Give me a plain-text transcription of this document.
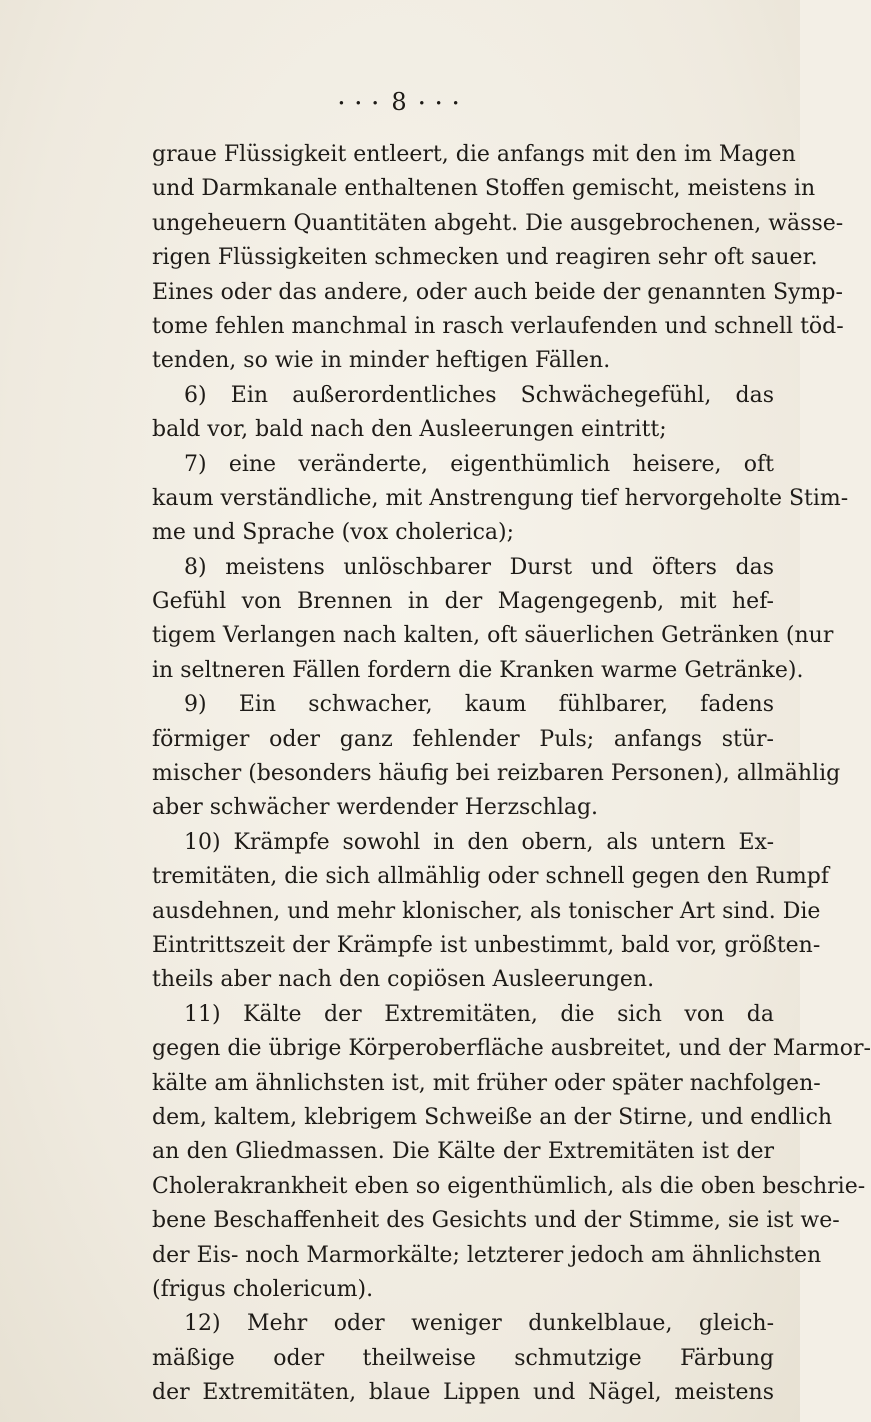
• • • 8 • • •
graue Flüssigkeit entleert, die anfangs mit den im Magen
und Darmkanale enthaltenen Stoffen gemischt, meistens in
ungeheuern Quantitäten abgeht. Die ausgebrochenen, wässe-
rigen Flüssigkeiten schmecken und reagiren sehr oft sauer.
Eines oder das andere, oder auch beide der genannten Symp-
tome fehlen manchmal in rasch verlaufenden und schnell töd-
tenden, so wie in minder heftigen Fällen.
6) Ein außerordentliches Schwächegefühl, das
bald vor, bald nach den Ausleerungen eintritt;
7) eine veränderte, eigenthümlich heisere, oft
kaum verständliche, mit Anstrengung tief hervorgeholte Stim-
me und Sprache (vox cholerica);
8) meistens unlöschbarer Durst und öfters das
Gefühl von Brennen in der Magengegenb, mit hef-
tigem Verlangen nach kalten, oft säuerlichen Getränken (nur
in seltneren Fällen fordern die Kranken warme Getränke).
9) Ein schwacher, kaum fühlbarer, fadens
förmiger oder ganz fehlender Puls; anfangs stür-
mischer (besonders häufig bei reizbaren Personen), allmählig
aber schwächer werdender Herzschlag.
10) Krämpfe sowohl in den obern, als untern Ex-
tremitäten, die sich allmählig oder schnell gegen den Rumpf
ausdehnen, und mehr klonischer, als tonischer Art sind. Die
Eintrittszeit der Krämpfe ist unbestimmt, bald vor, größten-
theils aber nach den copiösen Ausleerungen.
11) Kälte der Extremitäten, die sich von da
gegen die übrige Körperoberfläche ausbreitet, und der Marmor-
kälte am ähnlichsten ist, mit früher oder später nachfolgen-
dem, kaltem, klebrigem Schweiße an der Stirne, und endlich
an den Gliedmassen. Die Kälte der Extremitäten ist der
Cholerakrankheit eben so eigenthümlich, als die oben beschrie-
bene Beschaffenheit des Gesichts und der Stimme, sie ist we-
der Eis- noch Marmorkälte; letzterer jedoch am ähnlichsten
(frigus cholericum).
12) Mehr oder weniger dunkelblaue, gleich-
mäßige oder theilweise schmutzige Färbung
der Extremitäten, blaue Lippen und Nägel, meistens
